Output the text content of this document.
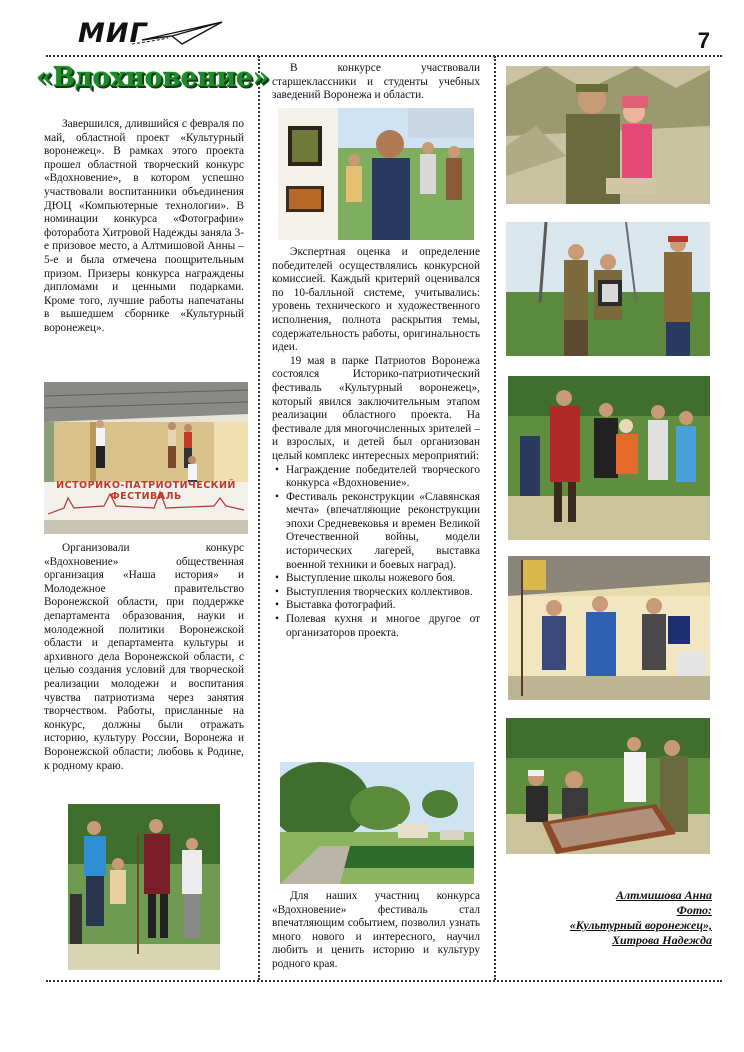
МИГ	7
«Вдохновение»

Завершился, длившийся с февраля по май, областной проект «Культурный воронежец». В рамках этого проекта прошел областной творческий конкурс «Вдохновение», в котором успешно участвовали воспитанники объединения ДЮЦ «Компьютерные технологии». В номинации конкурса «Фотографии» фоторабота Хитровой Надежды заняла 3-е призовое место, а Алтмишовой Анны – 5-е и была отмечена поощрительным призом. Призеры конкурса награждены дипломами и ценными подарками. Кроме того, лучшие работы напечатаны в вышедшем сборнике «Культурный воронежец».

ИСТОРИКО-ПАТРИОТИЧЕСКИЙ ФЕСТИВАЛЬ

Организовали конкурс «Вдохновение» общественная организация «Наша история» и Молодежное правительство Воронежской области, при поддержке департамента образования, науки и молодежной политики Воронежской области и департамента культуры и архивного дела Воронежской области, с целью создания условий для творческой реализации молодежи и воспитания чувства патриотизма через занятия творчеством. Работы, присланные на конкурс, должны были отражать историю, культуру России, Воронежа и Воронежской области; любовь к Родине, к родному краю.

В конкурсе участвовали старшеклассники и студенты учебных заведений Воронежа и области.

Экспертная оценка и определение победителей осуществлялись конкурсной комиссией. Каждый критерий оценивался по 10-балльной системе, учитывались: уровень технического и художественного исполнения, полнота раскрытия темы, содержательность работы, оригинальность идеи.

19 мая в парке Патриотов Воронежа состоялся Историко-патриотический фестиваль «Культурный воронежец», который явился заключительным этапом реализации областного проекта. На фестивале для многочисленных зрителей – и взрослых, и детей был организован целый комплекс интересных мероприятий:

• Награждение победителей творческого конкурса «Вдохновение».
• Фестиваль реконструкции «Славянская мечта» (впечатляющие реконструкции эпохи Средневековья и времен Великой Отечественной войны, модели исторических лагерей, выставка военной техники и боевых наград).
• Выступление школы ножевого боя.
• Выступления творческих коллективов.
• Выставка фотографий.
• Полевая кухня и многое другое от организаторов проекта.

Для наших участниц конкурса «Вдохновение» фестиваль стал впечатляющим событием, позволил узнать много нового и интересного, научил любить и ценить историю и культуру родного края.

Алтмишова Анна
Фото:
«Культурный воронежец»,
Хитрова Надежда
